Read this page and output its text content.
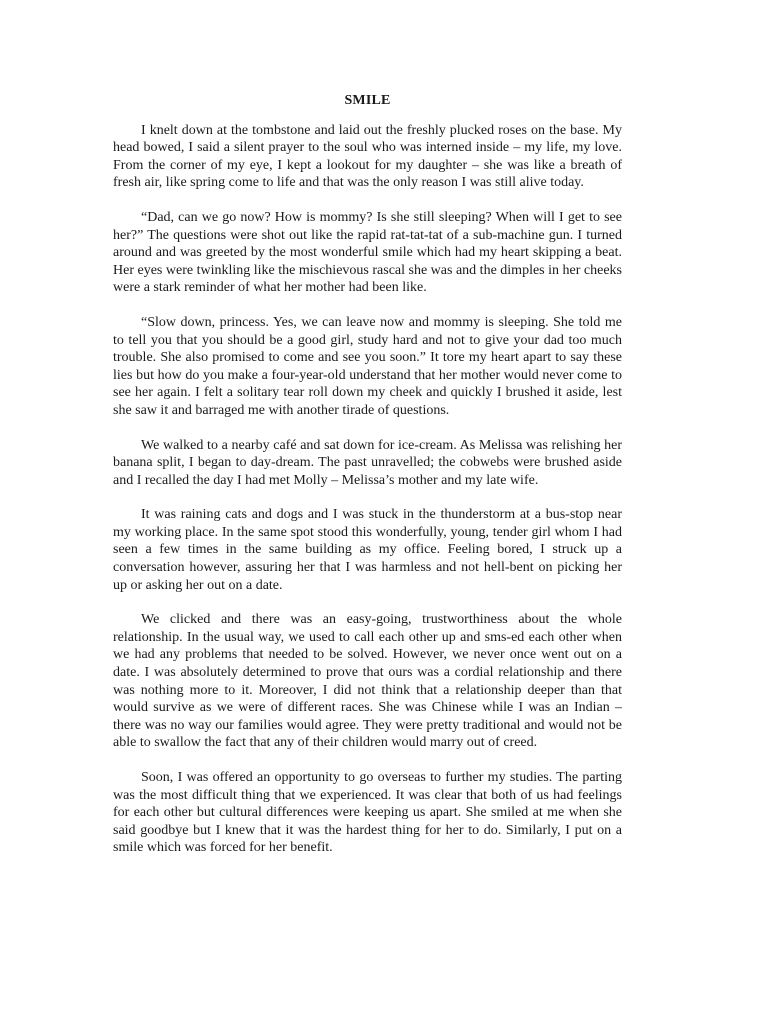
SMILE

I knelt down at the tombstone and laid out the freshly plucked roses on the base. My head bowed, I said a silent prayer to the soul who was interned inside – my life, my love. From the corner of my eye, I kept a lookout for my daughter – she was like a breath of fresh air, like spring come to life and that was the only reason I was still alive today.

“Dad, can we go now? How is mommy? Is she still sleeping? When will I get to see her?” The questions were shot out like the rapid rat-tat-tat of a sub-machine gun. I turned around and was greeted by the most wonderful smile which had my heart skipping a beat. Her eyes were twinkling like the mischievous rascal she was and the dimples in her cheeks were a stark reminder of what her mother had been like.

“Slow down, princess. Yes, we can leave now and mommy is sleeping. She told me to tell you that you should be a good girl, study hard and not to give your dad too much trouble. She also promised to come and see you soon.” It tore my heart apart to say these lies but how do you make a four-year-old understand that her mother would never come to see her again. I felt a solitary tear roll down my cheek and quickly I brushed it aside, lest she saw it and barraged me with another tirade of questions.

We walked to a nearby café and sat down for ice-cream. As Melissa was relishing her banana split, I began to day-dream. The past unravelled; the cobwebs were brushed aside and I recalled the day I had met Molly – Melissa’s mother and my late wife.

It was raining cats and dogs and I was stuck in the thunderstorm at a bus-stop near my working place. In the same spot stood this wonderfully, young, tender girl whom I had seen a few times in the same building as my office. Feeling bored, I struck up a conversation however, assuring her that I was harmless and not hell-bent on picking her up or asking her out on a date.

We clicked and there was an easy-going, trustworthiness about the whole relationship. In the usual way, we used to call each other up and sms-ed each other when we had any problems that needed to be solved. However, we never once went out on a date. I was absolutely determined to prove that ours was a cordial relationship and there was nothing more to it. Moreover, I did not think that a relationship deeper than that would survive as we were of different races. She was Chinese while I was an Indian – there was no way our families would agree. They were pretty traditional and would not be able to swallow the fact that any of their children would marry out of creed.

Soon, I was offered an opportunity to go overseas to further my studies. The parting was the most difficult thing that we experienced. It was clear that both of us had feelings for each other but cultural differences were keeping us apart. She smiled at me when she said goodbye but I knew that it was the hardest thing for her to do. Similarly, I put on a smile which was forced for her benefit.
